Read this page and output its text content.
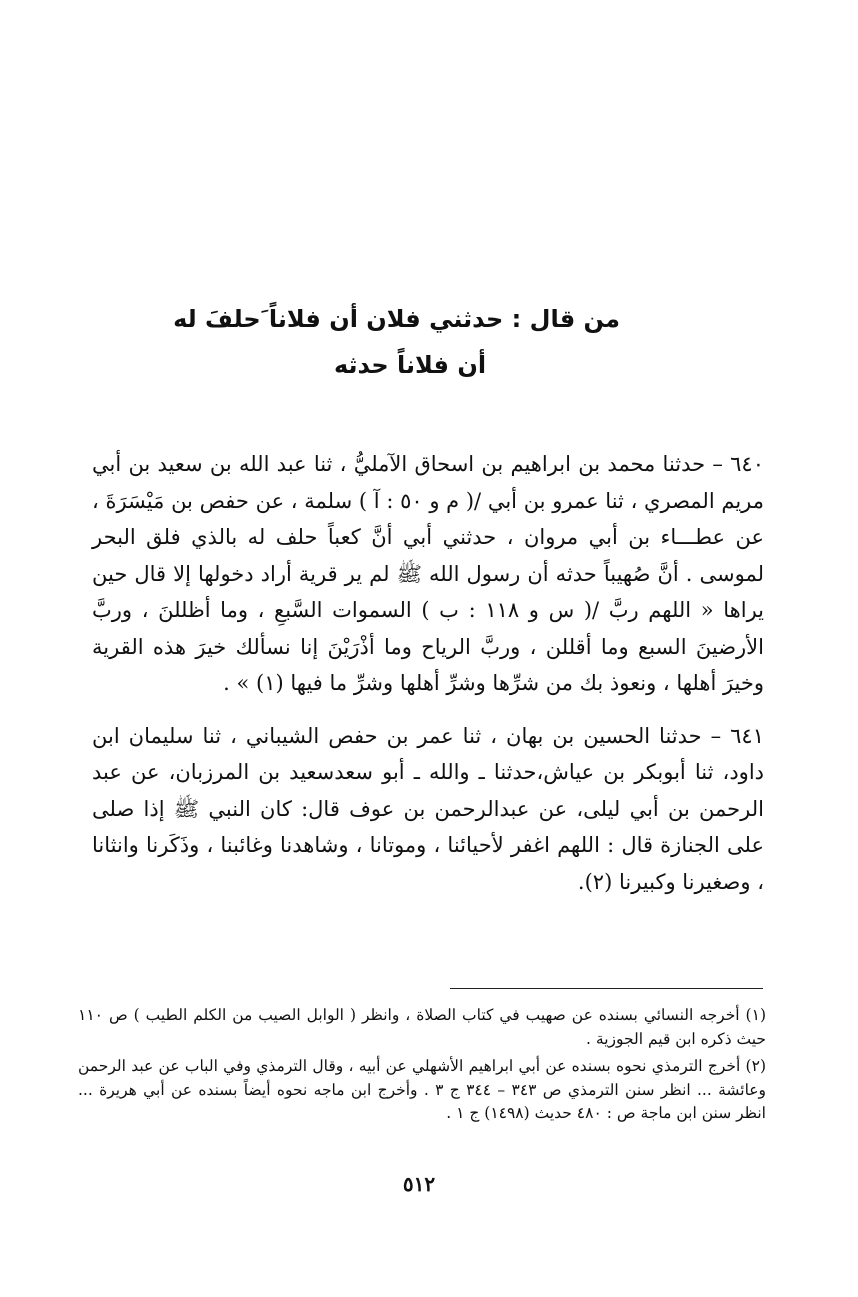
من قال : حدثني فلان أن فلاناً َحلفَ له
أن فلاناً حدثه

٦٤٠ – حدثنا محمد بن ابراهيم بن اسحاق الآمليُّ ، ثنا عبد الله بن سعيد بن أبي مريم المصري ، ثنا عمرو بن أبي /( م و ٥٠ : آ ) سلمة ، عن حفص بن مَيْسَرَةَ ، عن عطـــاء بن أبي مروان ، حدثني أبي أنَّ كعباً حلف له بالذي فلق البحر لموسى . أنَّ صُهيباً حدثه أن رسول الله ﷺ لم ير قرية أراد دخولها إلا قال حين يراها « اللهم ربَّ /( س و ١١٨ : ب ) السموات السَّبعِ ، وما أظللنَ ، وربَّ الأرضينَ السبع وما أقللن ، وربَّ الرياح وما أذْرَيْنَ إنا نسألك خيرَ هذه القرية وخيرَ أهلها ، ونعوذ بك من شرِّها وشرِّ أهلها وشرِّ ما فيها (١) » .

٦٤١ – حدثنا الحسين بن بهان ، ثنا عمر بن حفص الشيباني ، ثنا سليمان ابن داود، ثنا أبوبكر بن عياش،حدثنا ـ والله ـ أبو سعدسعيد بن المرزبان، عن عبد الرحمن بن أبي ليلى، عن عبدالرحمن بن عوف قال: كان النبي ﷺ إذا صلى على الجنازة قال : اللهم اغفر لأحيائنا ، وموتانا ، وشاهدنا وغائبنا ، وذَكَرنا وانثانا ، وصغيرنا وكبيرنا (٢).

(١) أخرجه النسائي بسنده عن صهيب في كتاب الصلاة ، وانظر ( الوابل الصيب من الكلم الطيب ) ص ١١٠ حيث ذكره ابن قيم الجوزية .

(٢) أخرج الترمذي نحوه بسنده عن أبي ابراهيم الأشهلي عن أبيه ، وقال الترمذي وفي الباب عن عبد الرحمن وعائشة ... انظر سنن الترمذي ص ٣٤٣ – ٣٤٤ ج ٣ . وأخرج ابن ماجه نحوه أيضاً بسنده عن أبي هريرة ... انظر سنن ابن ماجة ص : ٤٨٠ حديث (١٤٩٨) ج ١ .

٥١٢
